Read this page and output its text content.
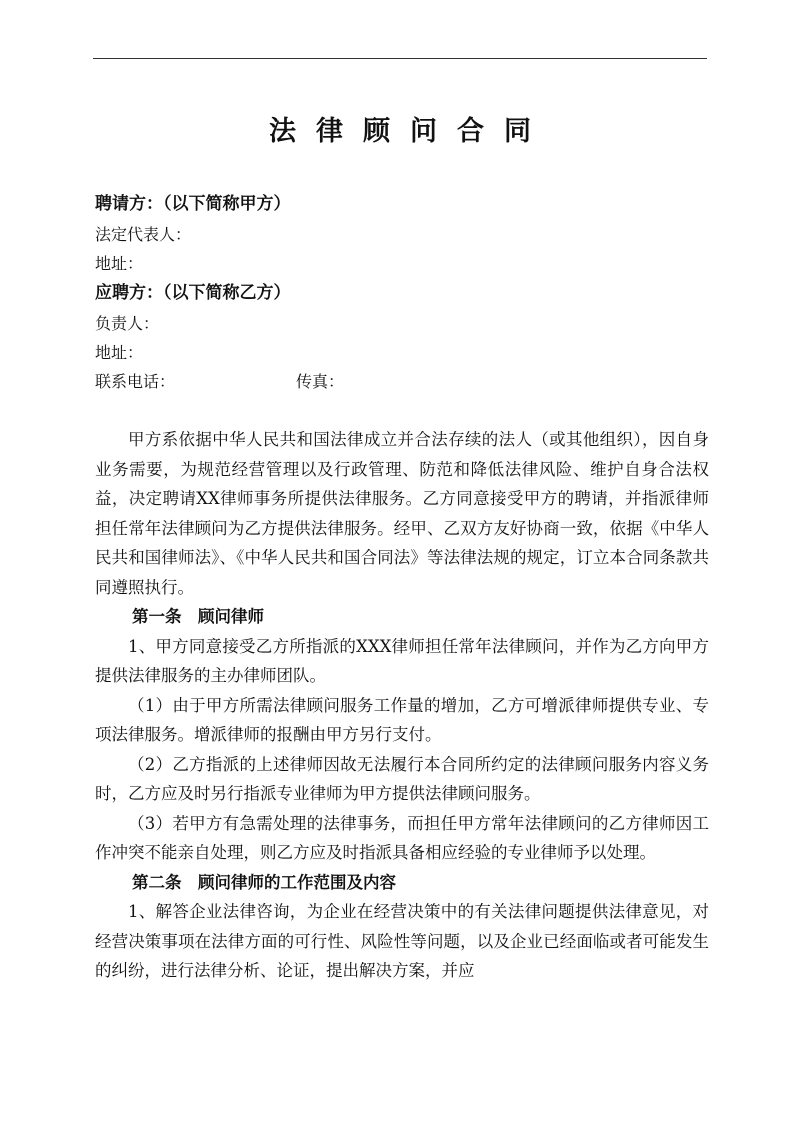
法律顾问合同
聘请方：（以下简称甲方）
法定代表人：
地址：
应聘方：（以下简称乙方）
负责人：
地址：
联系电话：	传真：

甲方系依据中华人民共和国法律成立并合法存续的法人（或其他组织），因自身业务需要，为规范经营管理以及行政管理、防范和降低法律风险、维护自身合法权益，决定聘请XX律师事务所提供法律服务。乙方同意接受甲方的聘请，并指派律师担任常年法律顾问为乙方提供法律服务。经甲、乙双方友好协商一致，依据《中华人民共和国律师法》、《中华人民共和国合同法》等法律法规的规定，订立本合同条款共同遵照执行。

第一条　顾问律师

1、甲方同意接受乙方所指派的XXX律师担任常年法律顾问，并作为乙方向甲方提供法律服务的主办律师团队。

（1）由于甲方所需法律顾问服务工作量的增加，乙方可增派律师提供专业、专项法律服务。增派律师的报酬由甲方另行支付。

（2）乙方指派的上述律师因故无法履行本合同所约定的法律顾问服务内容义务时，乙方应及时另行指派专业律师为甲方提供法律顾问服务。

（3）若甲方有急需处理的法律事务，而担任甲方常年法律顾问的乙方律师因工作冲突不能亲自处理，则乙方应及时指派具备相应经验的专业律师予以处理。

第二条　顾问律师的工作范围及内容

1、解答企业法律咨询，为企业在经营决策中的有关法律问题提供法律意见，对经营决策事项在法律方面的可行性、风险性等问题，以及企业已经面临或者可能发生的纠纷，进行法律分析、论证，提出解决方案，并应
